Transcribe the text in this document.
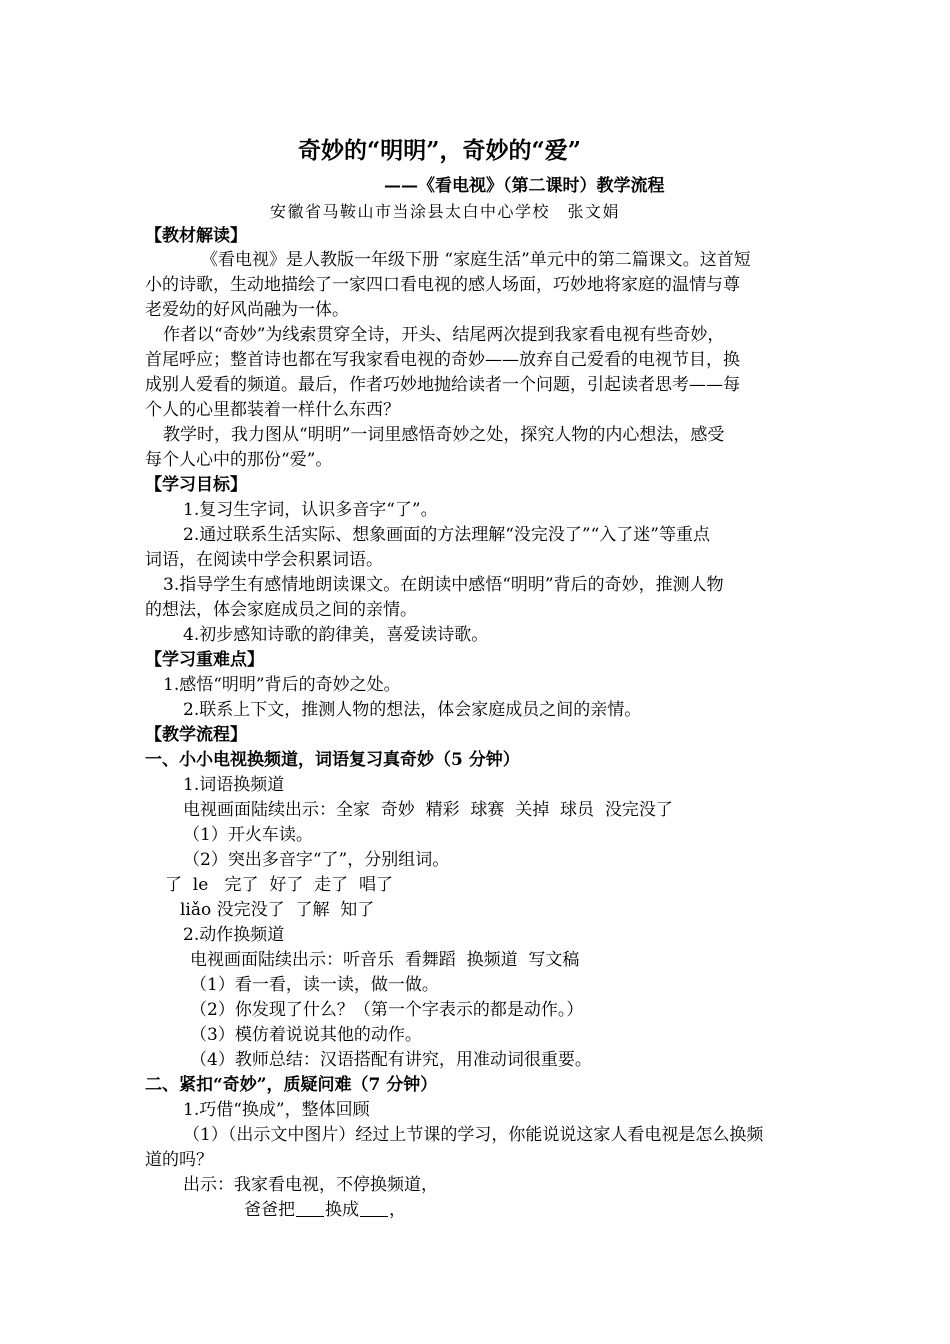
奇妙的“明明”，奇妙的“爱”
——《看电视》（第二课时）教学流程
安徽省马鞍山市当涂县太白中心学校　张文娟
【教材解读】
《看电视》是人教版一年级下册 “家庭生活”单元中的第二篇课文。这首短
小的诗歌，生动地描绘了一家四口看电视的感人场面，巧妙地将家庭的温情与尊
老爱幼的好风尚融为一体。
作者以“奇妙”为线索贯穿全诗，开头、结尾两次提到我家看电视有些奇妙，
首尾呼应；整首诗也都在写我家看电视的奇妙——放弃自己爱看的电视节目，换
成别人爱看的频道。最后，作者巧妙地抛给读者一个问题，引起读者思考——每
个人的心里都装着一样什么东西？
教学时，我力图从“明明”一词里感悟奇妙之处，探究人物的内心想法，感受
每个人心中的那份“爱”。
【学习目标】
1.复习生字词，认识多音字“了”。
2.通过联系生活实际、想象画面的方法理解“没完没了”“入了迷”等重点
词语，在阅读中学会积累词语。
3.指导学生有感情地朗读课文。在朗读中感悟“明明”背后的奇妙，推测人物
的想法，体会家庭成员之间的亲情。
4.初步感知诗歌的韵律美，喜爱读诗歌。
【学习重难点】
1.感悟“明明”背后的奇妙之处。
2.联系上下文，推测人物的想法，体会家庭成员之间的亲情。
【教学流程】
一、小小电视换频道，词语复习真奇妙（5 分钟）
1.词语换频道
电视画面陆续出示：全家  奇妙  精彩  球赛  关掉  球员  没完没了
（1）开火车读。
（2）突出多音字“了”，分别组词。
了  le   完了  好了  走了  唱了
liǎo 没完没了  了解  知了
2.动作换频道
电视画面陆续出示：听音乐  看舞蹈  换频道  写文稿
（1）看一看，读一读，做一做。
（2）你发现了什么？（第一个字表示的都是动作。）
（3）模仿着说说其他的动作。
（4）教师总结：汉语搭配有讲究，用准动词很重要。
二、紧扣“奇妙”，质疑问难（7 分钟）
1.巧借“换成”，整体回顾
（1）（出示文中图片）经过上节课的学习，你能说说这家人看电视是怎么换频
道的吗？
出示：我家看电视，不停换频道，
爸爸把 换成 ，
